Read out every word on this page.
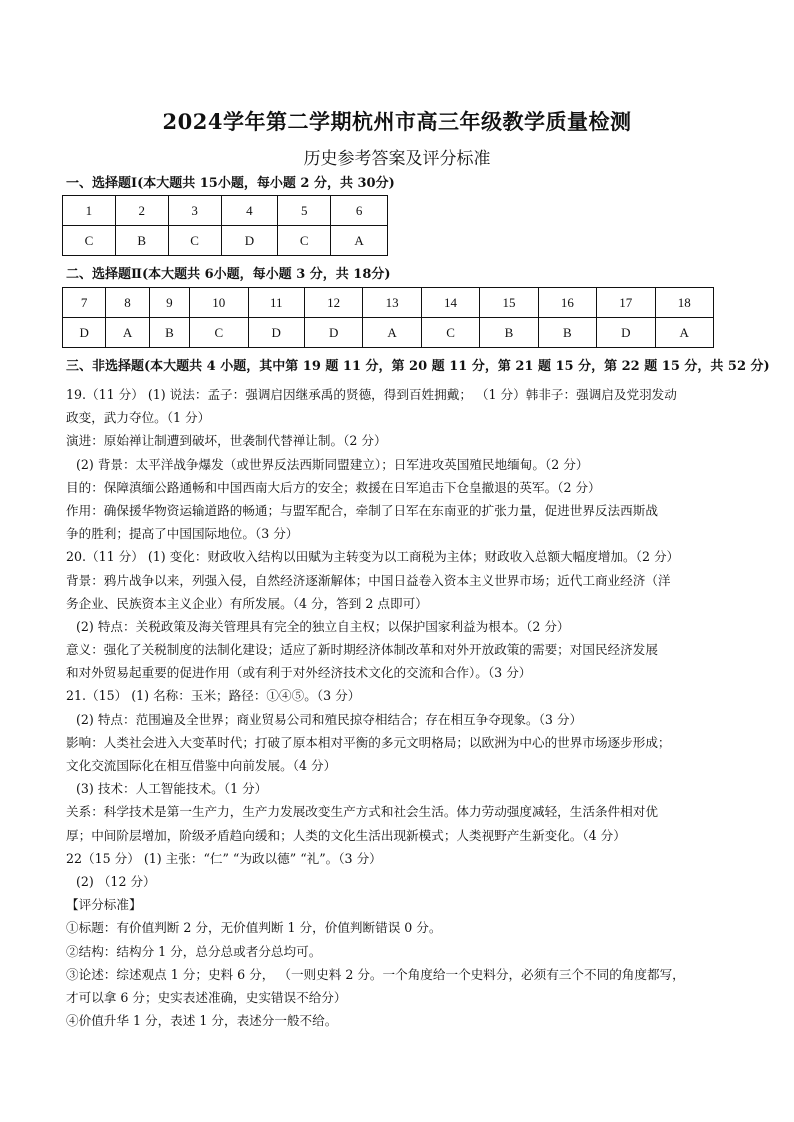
2024学年第二学期杭州市高三年级教学质量检测
历史参考答案及评分标准
一、选择题Ⅰ(本大题共 15小题，每小题 2 分，共 30分)
1	2	3	4	5	6
C	B	C	D	C	A
二、选择题Ⅱ(本大题共 6小题，每小题 3 分，共 18分)
7	8	9	10	11	12	13	14	15	16	17	18
D	A	B	C	D	D	A	C	B	B	D	A
三、非选择题(本大题共 4 小题，其中第 19 题 11 分，第 20 题 11 分，第 21 题 15 分，第 22 题 15 分，共 52 分)
19.（11 分） (1) 说法：孟子：强调启因继承禹的贤德，得到百姓拥戴； （1 分）韩非子：强调启及党羽发动
政变，武力夺位。（1 分）
演进：原始禅让制遭到破坏，世袭制代替禅让制。（2 分）
(2) 背景：太平洋战争爆发（或世界反法西斯同盟建立）；日军进攻英国殖民地缅甸。（2 分）
目的：保障滇缅公路通畅和中国西南大后方的安全；救援在日军追击下仓皇撤退的英军。（2 分）
作用：确保援华物资运输道路的畅通；与盟军配合，牵制了日军在东南亚的扩张力量，促进世界反法西斯战
争的胜利；提高了中国国际地位。（3 分）
20.（11 分） (1) 变化：财政收入结构以田赋为主转变为以工商税为主体；财政收入总额大幅度增加。（2 分）
背景：鸦片战争以来，列强入侵，自然经济逐渐解体；中国日益卷入资本主义世界市场；近代工商业经济（洋
务企业、民族资本主义企业）有所发展。（4 分，答到 2 点即可）
(2) 特点：关税政策及海关管理具有完全的独立自主权；以保护国家利益为根本。（2 分）
意义：强化了关税制度的法制化建设；适应了新时期经济体制改革和对外开放政策的需要；对国民经济发展
和对外贸易起重要的促进作用（或有利于对外经济技术文化的交流和合作）。（3 分）
21.（15） (1) 名称：玉米；路径：①④⑤。（3 分）
(2) 特点：范围遍及全世界；商业贸易公司和殖民掠夺相结合；存在相互争夺现象。（3 分）
影响：人类社会进入大变革时代；打破了原本相对平衡的多元文明格局；以欧洲为中心的世界市场逐步形成；
文化交流国际化在相互借鉴中向前发展。（4 分）
(3) 技术：人工智能技术。（1 分）
关系：科学技术是第一生产力，生产力发展改变生产方式和社会生活。体力劳动强度减轻，生活条件相对优
厚；中间阶层增加，阶级矛盾趋向缓和；人类的文化生活出现新模式；人类视野产生新变化。（4 分）
22（15 分） (1) 主张：“仁” “为政以德” “礼”。（3 分）
(2) （12 分）
【评分标准】
①标题：有价值判断 2 分，无价值判断 1 分，价值判断错误 0 分。
②结构：结构分 1 分，总分总或者分总均可。
③论述：综述观点 1 分；史料 6 分， （一则史料 2 分。一个角度给一个史料分，必须有三个不同的角度都写，
才可以拿 6 分；史实表述准确，史实错误不给分）
④价值升华 1 分，表述 1 分，表述分一般不给。
